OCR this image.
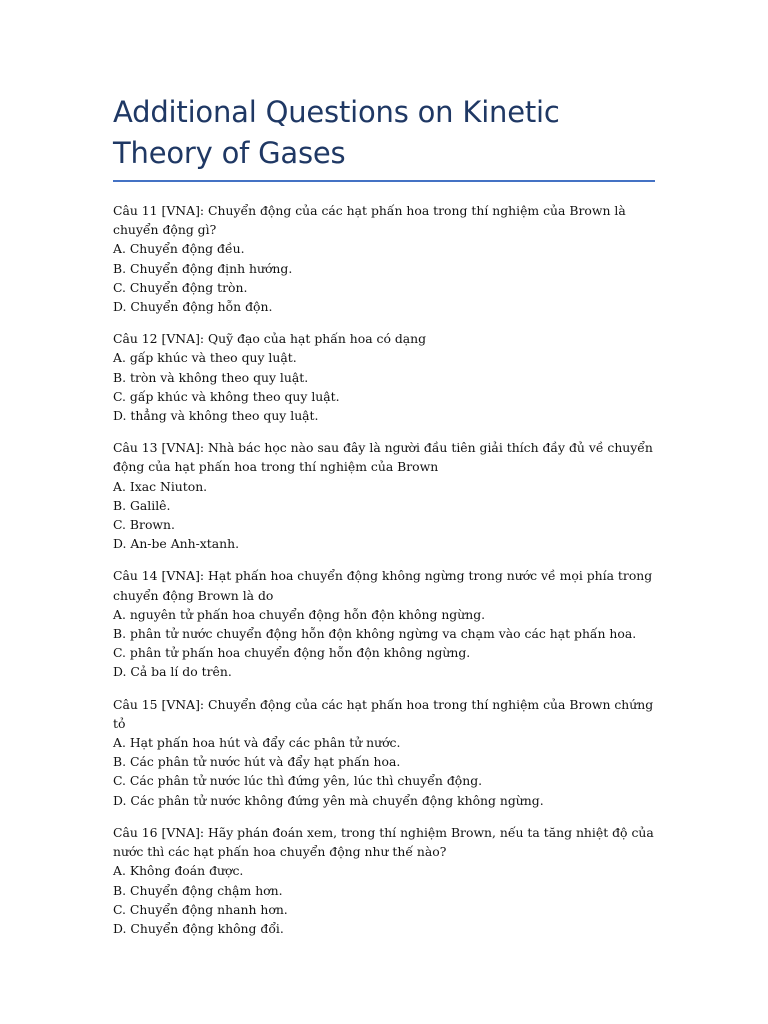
Additional Questions on Kinetic Theory of Gases

Câu 11 [VNA]: Chuyển động của các hạt phấn hoa trong thí nghiệm của Brown là chuyển động gì?

A. Chuyển động đều.

B. Chuyển động định hướng.

C. Chuyển động tròn.

D. Chuyển động hỗn độn.

Câu 12 [VNA]: Quỹ đạo của hạt phấn hoa có dạng

A. gấp khúc và theo quy luật.

B. tròn và không theo quy luật.

C. gấp khúc và không theo quy luật.

D. thẳng và không theo quy luật.

Câu 13 [VNA]: Nhà bác học nào sau đây là người đầu tiên giải thích đầy đủ về chuyển động của hạt phấn hoa trong thí nghiệm của Brown

A. Ixac Niuton.

B. Galilê.

C. Brown.

D. An-be Anh-xtanh.

Câu 14 [VNA]: Hạt phấn hoa chuyển động không ngừng trong nước về mọi phía trong chuyển động Brown là do

A. nguyên tử phấn hoa chuyển động hỗn độn không ngừng.

B. phân tử nước chuyển động hỗn độn không ngừng va chạm vào các hạt phấn hoa.

C. phân tử phấn hoa chuyển động hỗn độn không ngừng.

D. Cả ba lí do trên.

Câu 15 [VNA]: Chuyển động của các hạt phấn hoa trong thí nghiệm của Brown chứng tỏ

A. Hạt phấn hoa hút và đẩy các phân tử nước.

B. Các phân tử nước hút và đẩy hạt phấn hoa.

C. Các phân tử nước lúc thì đứng yên, lúc thì chuyển động.

D. Các phân tử nước không đứng yên mà chuyển động không ngừng.

Câu 16 [VNA]: Hãy phán đoán xem, trong thí nghiệm Brown, nếu ta tăng nhiệt độ của nước thì các hạt phấn hoa chuyển động như thế nào?

A. Không đoán được.

B. Chuyển động chậm hơn.

C. Chuyển động nhanh hơn.

D. Chuyển động không đổi.
